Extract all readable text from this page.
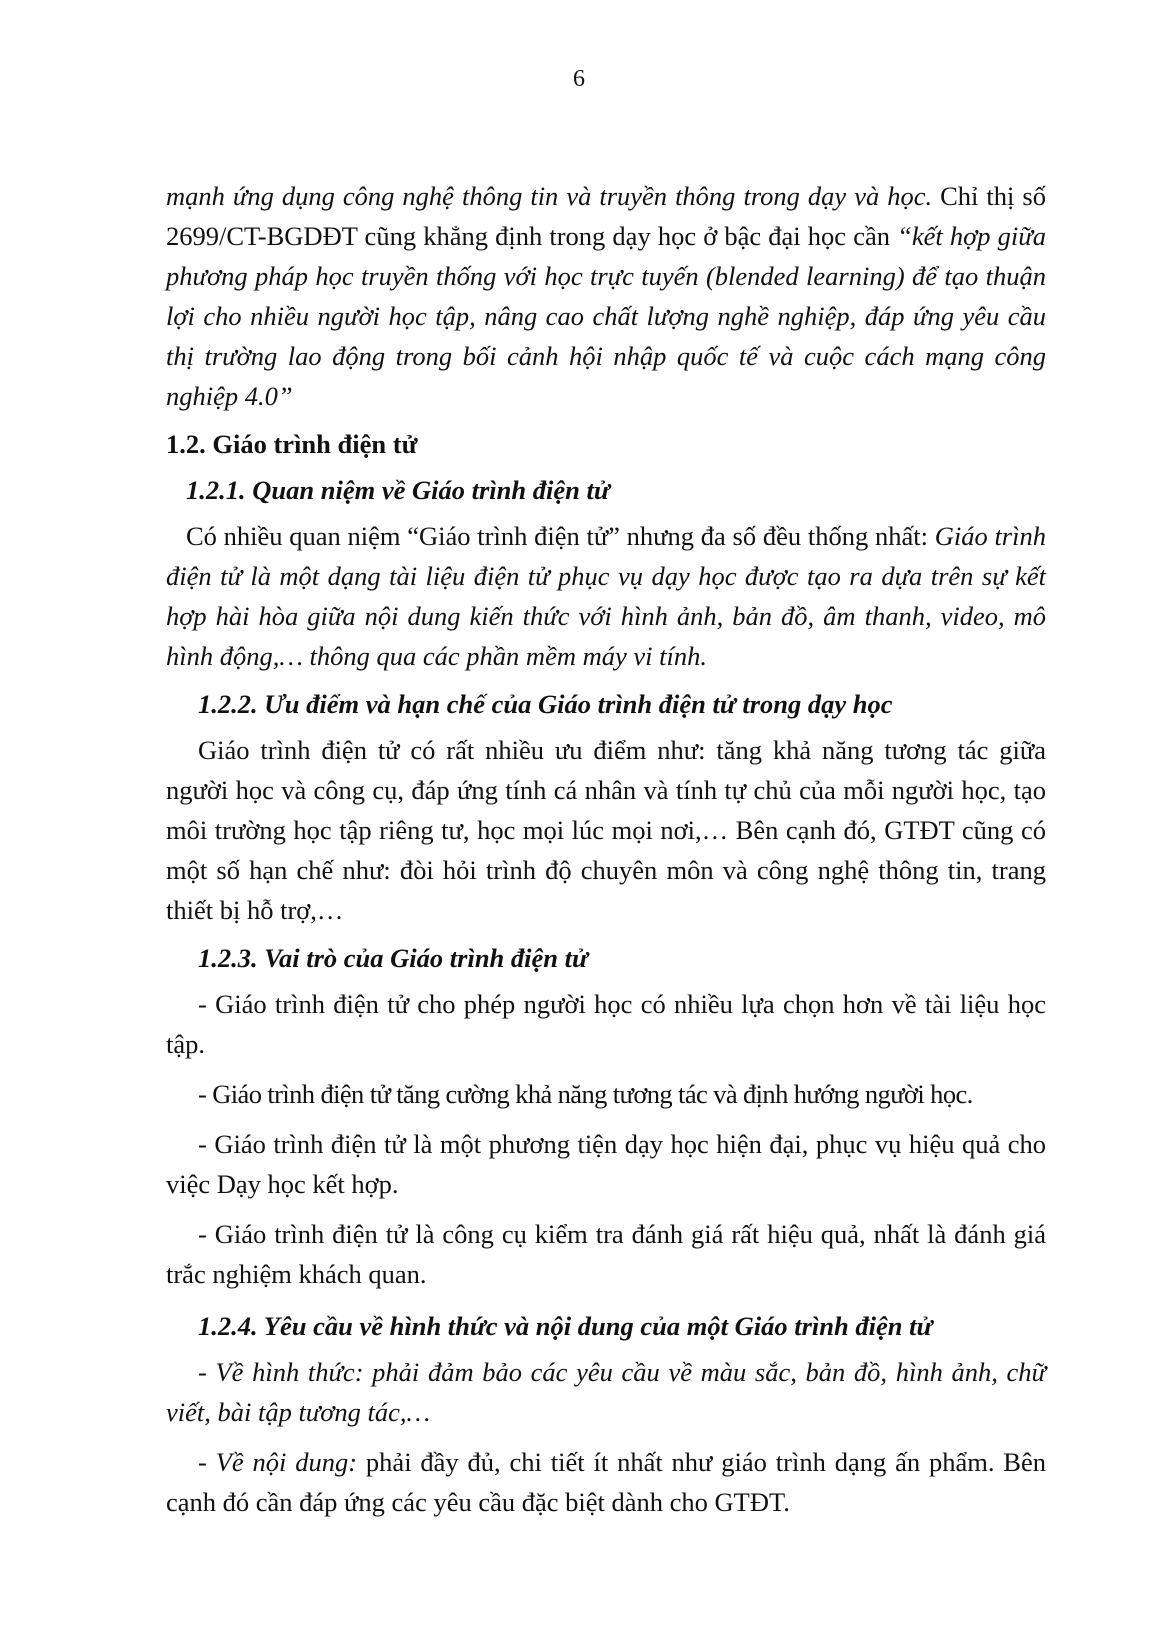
6

mạnh ứng dụng công nghệ thông tin và truyền thông trong dạy và học. Chỉ thị số 2699/CT-BGDĐT cũng khẳng định trong dạy học ở bậc đại học cần “kết hợp giữa phương pháp học truyền thống với học trực tuyến (blended learning) để tạo thuận lợi cho nhiều người học tập, nâng cao chất lượng nghề nghiệp, đáp ứng yêu cầu thị trường lao động trong bối cảnh hội nhập quốc tế và cuộc cách mạng công nghiệp 4.0”

1.2. Giáo trình điện tử
1.2.1. Quan niệm về Giáo trình điện tử

Có nhiều quan niệm “Giáo trình điện tử” nhưng đa số đều thống nhất: Giáo trình điện tử là một dạng tài liệu điện tử phục vụ dạy học được tạo ra dựa trên sự kết hợp hài hòa giữa nội dung kiến thức với hình ảnh, bản đồ, âm thanh, video, mô hình động,… thông qua các phần mềm máy vi tính.

1.2.2. Ưu điểm và hạn chế của Giáo trình điện tử trong dạy học

Giáo trình điện tử có rất nhiều ưu điểm như: tăng khả năng tương tác giữa người học và công cụ, đáp ứng tính cá nhân và tính tự chủ của mỗi người học, tạo môi trường học tập riêng tư, học mọi lúc mọi nơi,… Bên cạnh đó, GTĐT cũng có một số hạn chế như: đòi hỏi trình độ chuyên môn và công nghệ thông tin, trang thiết bị hỗ trợ,…

1.2.3. Vai trò của Giáo trình điện tử

- Giáo trình điện tử cho phép người học có nhiều lựa chọn hơn về tài liệu học tập.

- Giáo trình điện tử tăng cường khả năng tương tác và định hướng người học.

- Giáo trình điện tử là một phương tiện dạy học hiện đại, phục vụ hiệu quả cho việc Dạy học kết hợp.

- Giáo trình điện tử là công cụ kiểm tra đánh giá rất hiệu quả, nhất là đánh giá trắc nghiệm khách quan.

1.2.4. Yêu cầu về hình thức và nội dung của một Giáo trình điện tử

- Về hình thức: phải đảm bảo các yêu cầu về màu sắc, bản đồ, hình ảnh, chữ viết, bài tập tương tác,…

- Về nội dung: phải đầy đủ, chi tiết ít nhất như giáo trình dạng ấn phẩm. Bên cạnh đó cần đáp ứng các yêu cầu đặc biệt dành cho GTĐT.
